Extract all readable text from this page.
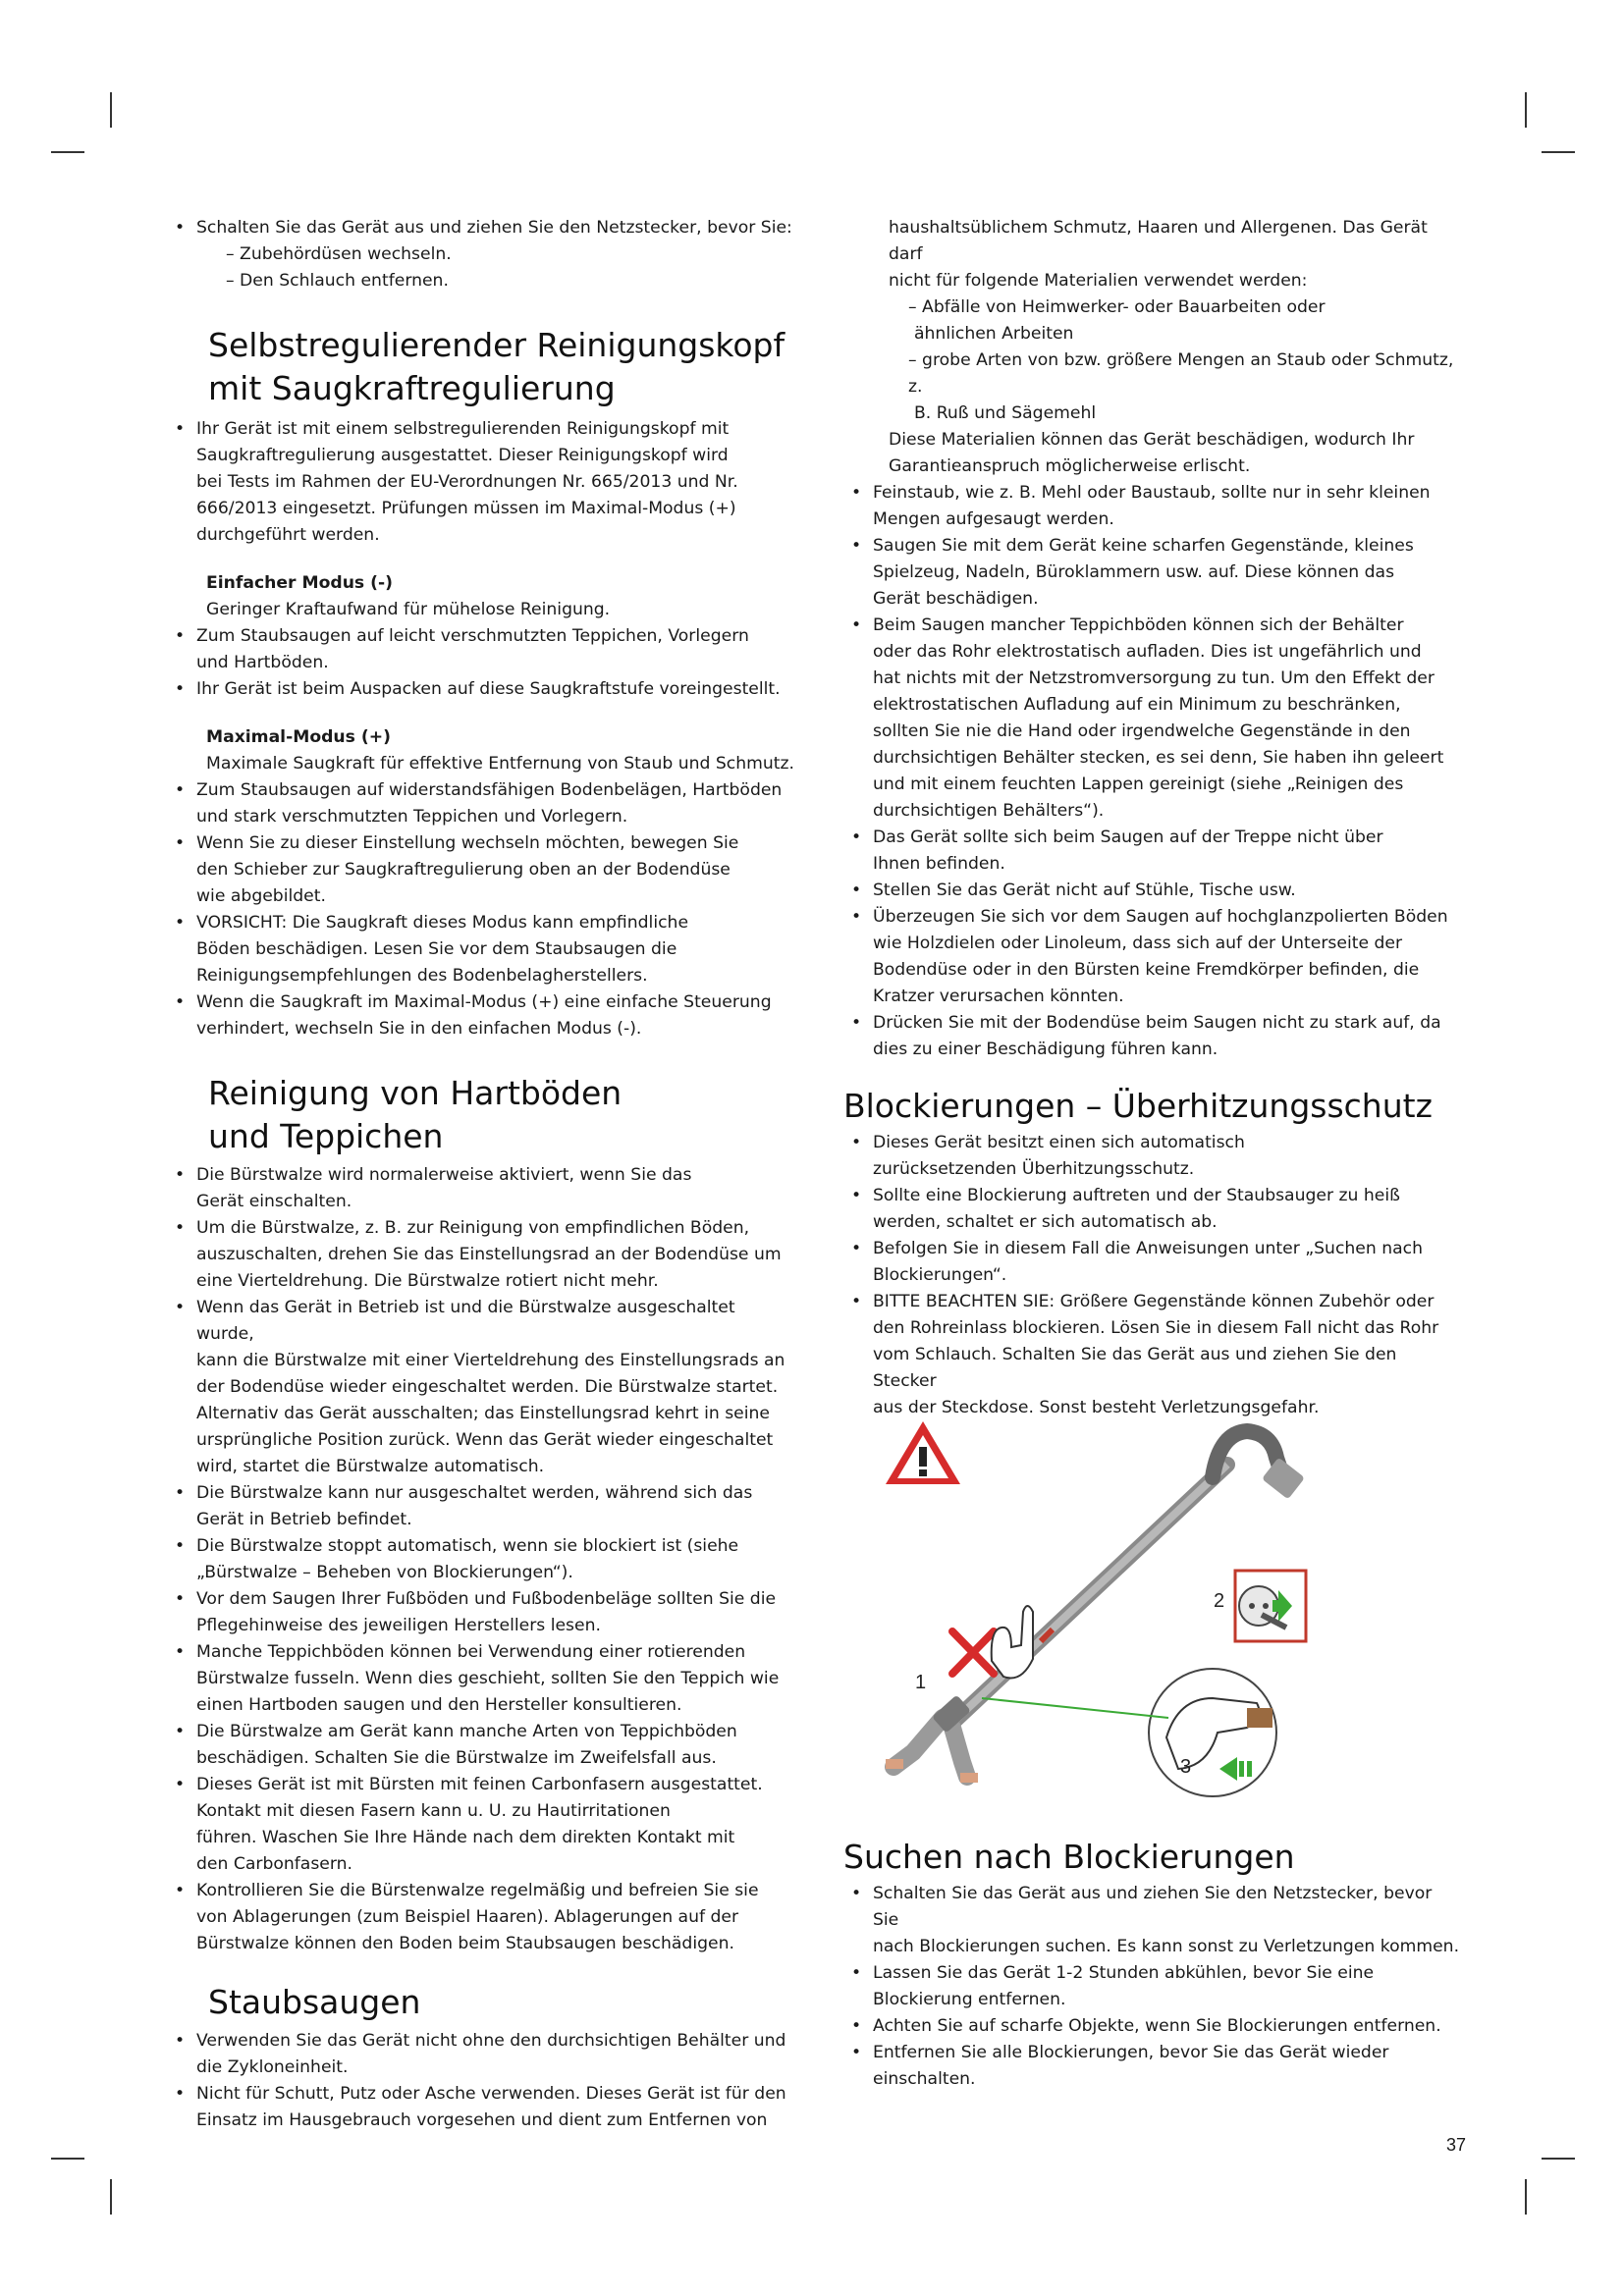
• Schalten Sie das Gerät aus und ziehen Sie den Netzstecker, bevor Sie:

– Zubehördüsen wechseln.

– Den Schlauch entfernen.

Selbstregulierender Reinigungskopf
mit Saugkraftregulierung
• Ihr Gerät ist mit einem selbstregulierenden Reinigungskopf mit
Saugkraftregulierung ausgestattet. Dieser Reinigungskopf wird
bei Tests im Rahmen der EU-Verordnungen Nr. 665/2013 und Nr.
666/2013 eingesetzt. Prüfungen müssen im Maximal-Modus (+)
durchgeführt werden.

Einfacher Modus (-)

Geringer Kraftaufwand für mühelose Reinigung.

• Zum Staubsaugen auf leicht verschmutzten Teppichen, Vorlegern
und Hartböden.
• Ihr Gerät ist beim Auspacken auf diese Saugkraftstufe voreingestellt.

Maximal-Modus (+)

Maximale Saugkraft für effektive Entfernung von Staub und Schmutz.

• Zum Staubsaugen auf widerstandsfähigen Bodenbelägen, Hartböden
und stark verschmutzten Teppichen und Vorlegern.
• Wenn Sie zu dieser Einstellung wechseln möchten, bewegen Sie
den Schieber zur Saugkraftregulierung oben an der Bodendüse
wie abgebildet.
• VORSICHT: Die Saugkraft dieses Modus kann empfindliche
Böden beschädigen. Lesen Sie vor dem Staubsaugen die
Reinigungsempfehlungen des Bodenbelagherstellers.
• Wenn die Saugkraft im Maximal-Modus (+) eine einfache Steuerung
verhindert, wechseln Sie in den einfachen Modus (-).
Reinigung von Hartböden
und Teppichen
• Die Bürstwalze wird normalerweise aktiviert, wenn Sie das
Gerät einschalten.
• Um die Bürstwalze, z. B. zur Reinigung von empfindlichen Böden,
auszuschalten, drehen Sie das Einstellungsrad an der Bodendüse um
eine Vierteldrehung. Die Bürstwalze rotiert nicht mehr.
• Wenn das Gerät in Betrieb ist und die Bürstwalze ausgeschaltet wurde,
kann die Bürstwalze mit einer Vierteldrehung des Einstellungsrads an
der Bodendüse wieder eingeschaltet werden. Die Bürstwalze startet.
Alternativ das Gerät ausschalten; das Einstellungsrad kehrt in seine
ursprüngliche Position zurück. Wenn das Gerät wieder eingeschaltet
wird, startet die Bürstwalze automatisch.
• Die Bürstwalze kann nur ausgeschaltet werden, während sich das
Gerät in Betrieb befindet.
• Die Bürstwalze stoppt automatisch, wenn sie blockiert ist (siehe
„Bürstwalze – Beheben von Blockierungen“).
• Vor dem Saugen Ihrer Fußböden und Fußbodenbeläge sollten Sie die
Pflegehinweise des jeweiligen Herstellers lesen.
• Manche Teppichböden können bei Verwendung einer rotierenden
Bürstwalze fusseln. Wenn dies geschieht, sollten Sie den Teppich wie
einen Hartboden saugen und den Hersteller konsultieren.
• Die Bürstwalze am Gerät kann manche Arten von Teppichböden
beschädigen. Schalten Sie die Bürstwalze im Zweifelsfall aus.
• Dieses Gerät ist mit Bürsten mit feinen Carbonfasern ausgestattet.
Kontakt mit diesen Fasern kann u. U. zu Hautirritationen
führen. Waschen Sie Ihre Hände nach dem direkten Kontakt mit
den Carbonfasern.
• Kontrollieren Sie die Bürstenwalze regelmäßig und befreien Sie sie
von Ablagerungen (zum Beispiel Haaren). Ablagerungen auf der
Bürstwalze können den Boden beim Staubsaugen beschädigen.
Staubsaugen
• Verwenden Sie das Gerät nicht ohne den durchsichtigen Behälter und
die Zykloneinheit.
• Nicht für Schutt, Putz oder Asche verwenden. Dieses Gerät ist für den
Einsatz im Hausgebrauch vorgesehen und dient zum Entfernen von
haushaltsüblichem Schmutz, Haaren und Allergenen. Das Gerät darf
nicht für folgende Materialien verwendet werden:
– Abfälle von Heimwerker- oder Bauarbeiten oder
ähnlichen Arbeiten
– grobe Arten von bzw. größere Mengen an Staub oder Schmutz, z.
B. Ruß und Sägemehl
Diese Materialien können das Gerät beschädigen, wodurch Ihr
Garantieanspruch möglicherweise erlischt.
• Feinstaub, wie z. B. Mehl oder Baustaub, sollte nur in sehr kleinen
Mengen aufgesaugt werden.
• Saugen Sie mit dem Gerät keine scharfen Gegenstände, kleines
Spielzeug, Nadeln, Büroklammern usw. auf. Diese können das
Gerät beschädigen.
• Beim Saugen mancher Teppichböden können sich der Behälter
oder das Rohr elektrostatisch aufladen. Dies ist ungefährlich und
hat nichts mit der Netzstromversorgung zu tun. Um den Effekt der
elektrostatischen Aufladung auf ein Minimum zu beschränken,
sollten Sie nie die Hand oder irgendwelche Gegenstände in den
durchsichtigen Behälter stecken, es sei denn, Sie haben ihn geleert
und mit einem feuchten Lappen gereinigt (siehe „Reinigen des
durchsichtigen Behälters“).
• Das Gerät sollte sich beim Saugen auf der Treppe nicht über
Ihnen befinden.
• Stellen Sie das Gerät nicht auf Stühle, Tische usw.
• Überzeugen Sie sich vor dem Saugen auf hochglanzpolierten Böden
wie Holzdielen oder Linoleum, dass sich auf der Unterseite der
Bodendüse oder in den Bürsten keine Fremdkörper befinden, die
Kratzer verursachen könnten.
• Drücken Sie mit der Bodendüse beim Saugen nicht zu stark auf, da
dies zu einer Beschädigung führen kann.
Blockierungen – Überhitzungsschutz
• Dieses Gerät besitzt einen sich automatisch
zurücksetzenden Überhitzungsschutz.
• Sollte eine Blockierung auftreten und der Staubsauger zu heiß
werden, schaltet er sich automatisch ab.
• Befolgen Sie in diesem Fall die Anweisungen unter „Suchen nach
Blockierungen“.
• BITTE BEACHTEN SIE: Größere Gegenstände können Zubehör oder
den Rohreinlass blockieren. Lösen Sie in diesem Fall nicht das Rohr
vom Schlauch. Schalten Sie das Gerät aus und ziehen Sie den Stecker
aus der Steckdose. Sonst besteht Verletzungsgefahr.
1
2
3
Suchen nach Blockierungen
• Schalten Sie das Gerät aus und ziehen Sie den Netzstecker, bevor Sie
nach Blockierungen suchen. Es kann sonst zu Verletzungen kommen.
• Lassen Sie das Gerät 1-2 Stunden abkühlen, bevor Sie eine
Blockierung entfernen.
• Achten Sie auf scharfe Objekte, wenn Sie Blockierungen entfernen.
• Entfernen Sie alle Blockierungen, bevor Sie das Gerät wieder
einschalten.
37
